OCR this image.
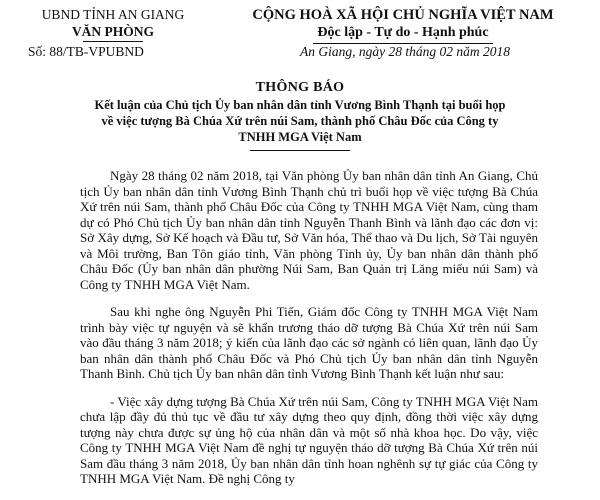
UBND TỈNH AN GIANG
VĂN PHÒNG
CỘNG HOÀ XÃ HỘI CHỦ NGHĨA VIỆT NAM
Độc lập - Tự do - Hạnh phúc
Số: 88/TB-VPUBND	An Giang, ngày 28 tháng 02 năm 2018
THÔNG BÁO
Kết luận của Chủ tịch Ủy ban nhân dân tỉnh Vương Bình Thạnh tại buổi họp về việc tượng Bà Chúa Xứ trên núi Sam, thành phố Châu Đốc của Công ty TNHH MGA Việt Nam

Ngày 28 tháng 02 năm 2018, tại Văn phòng Ủy ban nhân dân tỉnh An Giang, Chủ tịch Ủy ban nhân dân tỉnh Vương Bình Thạnh chủ trì buổi họp về việc tượng Bà Chúa Xứ trên núi Sam, thành phố Châu Đốc của Công ty TNHH MGA Việt Nam, cùng tham dự có Phó Chủ tịch Ủy ban nhân dân tỉnh Nguyễn Thanh Bình và lãnh đạo các đơn vị: Sở Xây dựng, Sở Kế hoạch và Đầu tư, Sở Văn hóa, Thể thao và Du lịch, Sở Tài nguyên và Môi trường, Ban Tôn giáo tỉnh, Văn phòng Tỉnh ủy, Ủy ban nhân dân thành phố Châu Đốc (Ủy ban nhân dân phường Núi Sam, Ban Quản trị Lăng miếu núi Sam) và Công ty TNHH MGA Việt Nam.

Sau khi nghe ông Nguyễn Phi Tiến, Giám đốc Công ty TNHH MGA Việt Nam trình bày việc tự nguyện và sẽ khẩn trương tháo dỡ tượng Bà Chúa Xứ trên núi Sam vào đầu tháng 3 năm 2018; ý kiến của lãnh đạo các sở ngành có liên quan, lãnh đạo Ủy ban nhân dân thành phố Châu Đốc và Phó Chủ tịch Ủy ban nhân dân tỉnh Nguyễn Thanh Bình. Chủ tịch Ủy ban nhân dân tỉnh Vương Bình Thạnh kết luận như sau:

- Việc xây dựng tượng Bà Chúa Xứ trên núi Sam, Công ty TNHH MGA Việt Nam chưa lập đầy đủ thủ tục về đầu tư xây dựng theo quy định, đồng thời việc xây dựng tượng này chưa được sự ủng hộ của nhân dân và một số nhà khoa học. Do vậy, việc Công ty TNHH MGA Việt Nam đề nghị tự nguyện tháo dỡ tượng Bà Chúa Xứ trên núi Sam đầu tháng 3 năm 2018, Ủy ban nhân dân tỉnh hoan nghênh sự tự giác của Công ty TNHH MGA Việt Nam. Đề nghị Công ty
